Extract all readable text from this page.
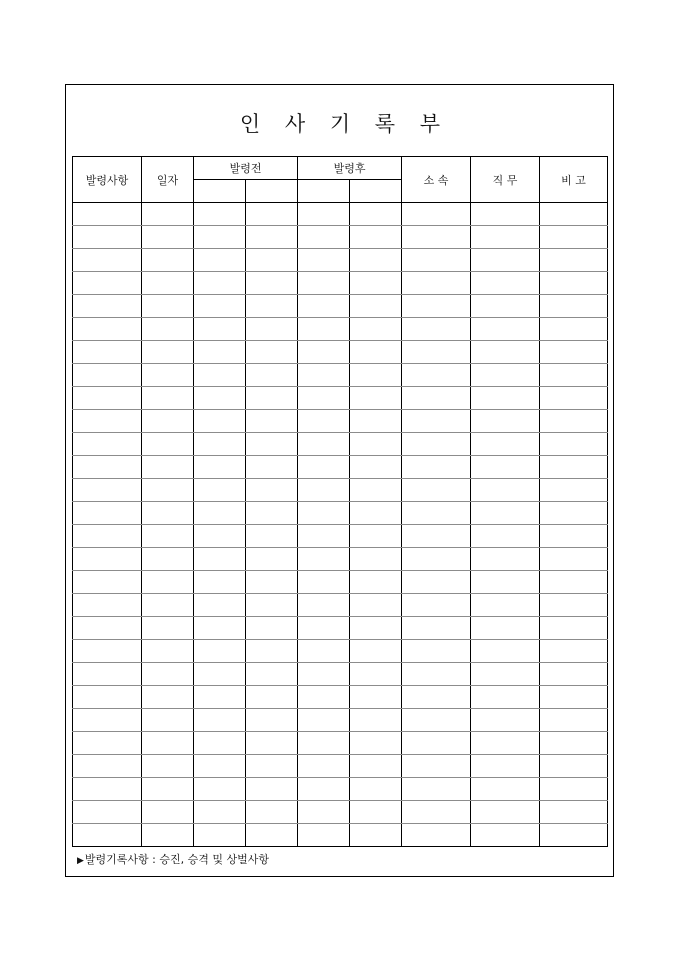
인 사 기 록 부
발령사항	일자	발령전		발령후		소 속	직 무	비 고

▶발령기록사항 : 승진, 승격 및 상벌사항
